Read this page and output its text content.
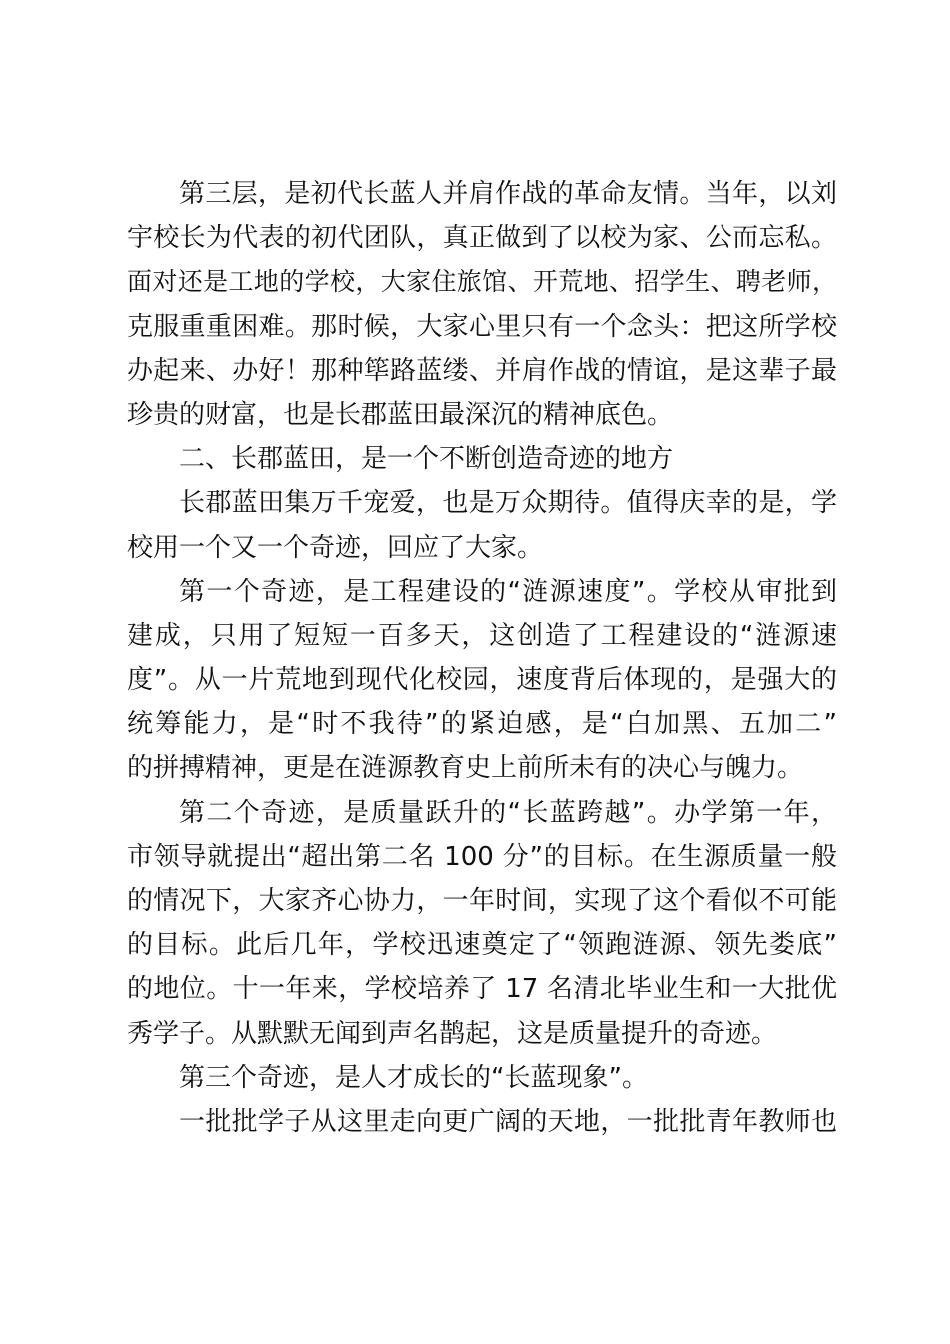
第三层，是初代长蓝人并肩作战的革命友情。当年，以刘
宇校长为代表的初代团队，真正做到了以校为家、公而忘私。
面对还是工地的学校，大家住旅馆、开荒地、招学生、聘老师，
克服重重困难。那时候，大家心里只有一个念头：把这所学校
办起来、办好！那种筚路蓝缕、并肩作战的情谊，是这辈子最
珍贵的财富，也是长郡蓝田最深沉的精神底色。
二、长郡蓝田，是一个不断创造奇迹的地方
长郡蓝田集万千宠爱，也是万众期待。值得庆幸的是，学
校用一个又一个奇迹，回应了大家。
第一个奇迹，是工程建设的“涟源速度”。学校从审批到
建成，只用了短短一百多天，这创造了工程建设的“涟源速
度”。从一片荒地到现代化校园，速度背后体现的，是强大的
统筹能力，是“时不我待”的紧迫感，是“白加黑、五加二”
的拼搏精神，更是在涟源教育史上前所未有的决心与魄力。
第二个奇迹，是质量跃升的“长蓝跨越”。办学第一年，
市领导就提出“超出第二名 100 分”的目标。在生源质量一般
的情况下，大家齐心协力，一年时间，实现了这个看似不可能
的目标。此后几年，学校迅速奠定了“领跑涟源、领先娄底”
的地位。十一年来，学校培养了 17 名清北毕业生和一大批优
秀学子。从默默无闻到声名鹊起，这是质量提升的奇迹。
第三个奇迹，是人才成长的“长蓝现象”。
一批批学子从这里走向更广阔的天地，一批批青年教师也
